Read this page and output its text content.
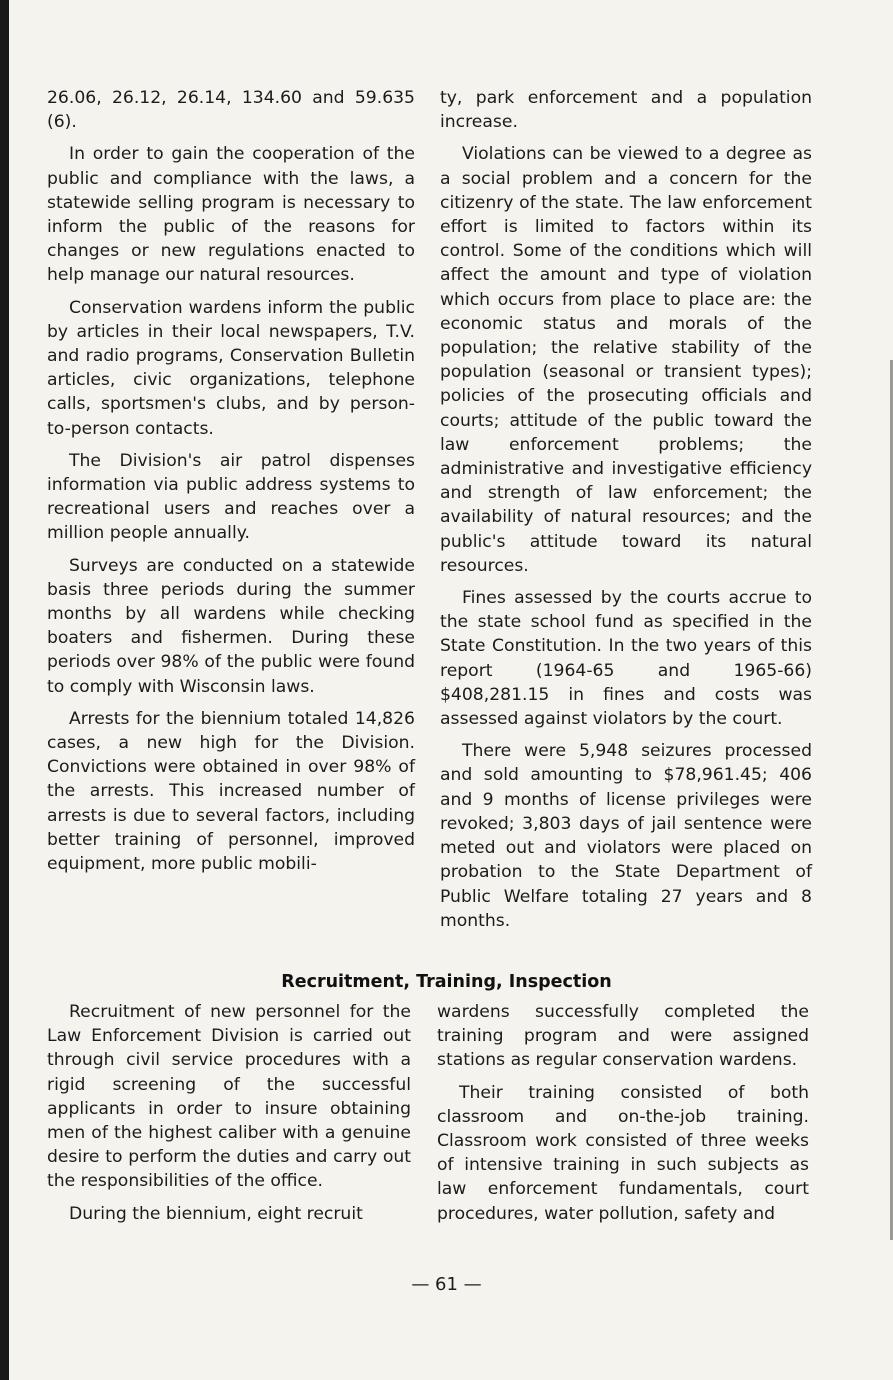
26.06, 26.12, 26.14, 134.60 and 59.635 (6).

In order to gain the cooperation of the public and compliance with the laws, a statewide selling program is necessary to inform the public of the reasons for changes or new regulations enacted to help manage our natural resources.

Conservation wardens inform the public by articles in their local newspapers, T.V. and radio programs, Conservation Bulletin articles, civic organizations, telephone calls, sportsmen's clubs, and by person-to-person contacts.

The Division's air patrol dispenses information via public address systems to recreational users and reaches over a million people annually.

Surveys are conducted on a statewide basis three periods during the summer months by all wardens while checking boaters and fishermen. During these periods over 98% of the public were found to comply with Wisconsin laws.

Arrests for the biennium totaled 14,826 cases, a new high for the Division. Convictions were obtained in over 98% of the arrests. This increased number of arrests is due to several factors, including better training of personnel, improved equipment, more public mobili-

ty, park enforcement and a population increase.

Violations can be viewed to a degree as a social problem and a concern for the citizenry of the state. The law enforcement effort is limited to factors within its control. Some of the conditions which will affect the amount and type of violation which occurs from place to place are: the economic status and morals of the population; the relative stability of the population (seasonal or transient types); policies of the prosecuting officials and courts; attitude of the public toward the law enforcement problems; the administrative and investigative efficiency and strength of law enforcement; the availability of natural resources; and the public's attitude toward its natural resources.

Fines assessed by the courts accrue to the state school fund as specified in the State Constitution. In the two years of this report (1964-65 and 1965-66) $408,281.15 in fines and costs was assessed against violators by the court.

There were 5,948 seizures processed and sold amounting to $78,961.45; 406 and 9 months of license privileges were revoked; 3,803 days of jail sentence were meted out and violators were placed on probation to the State Department of Public Welfare totaling 27 years and 8 months.

Recruitment, Training, Inspection

Recruitment of new personnel for the Law Enforcement Division is carried out through civil service procedures with a rigid screening of the successful applicants in order to insure obtaining men of the highest caliber with a genuine desire to perform the duties and carry out the responsibilities of the office.

During the biennium, eight recruit

wardens successfully completed the training program and were assigned stations as regular conservation wardens.

Their training consisted of both classroom and on-the-job training. Classroom work consisted of three weeks of intensive training in such subjects as law enforcement fundamentals, court procedures, water pollution, safety and

— 61 —
